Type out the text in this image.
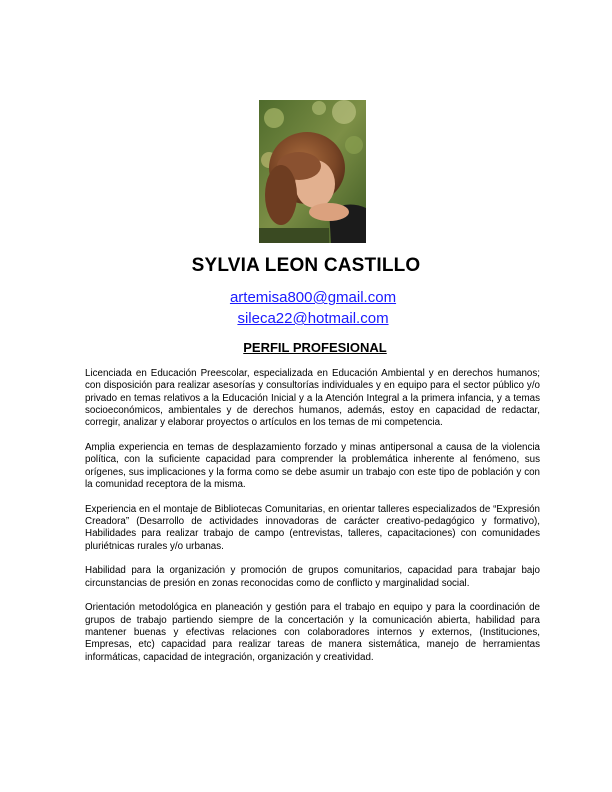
SYLVIA LEON CASTILLO
artemisa800@gmail.com
sileca22@hotmail.com
PERFIL PROFESIONAL

Licenciada en Educación Preescolar, especializada en Educación Ambiental y en derechos humanos; con disposición para realizar asesorías y consultorías individuales y en equipo para el sector público y/o privado en temas relativos a la Educación Inicial y a la Atención Integral a la primera infancia, y a temas socioeconómicos, ambientales y de derechos humanos, además, estoy en capacidad de redactar, corregir, analizar y elaborar proyectos o artículos en los temas de mi competencia.

Amplia experiencia en temas de desplazamiento forzado y minas antipersonal a causa de la violencia política, con la suficiente capacidad para comprender la problemática inherente al fenómeno, sus orígenes, sus implicaciones y la forma como se debe asumir un trabajo con este tipo de población y con la comunidad receptora de la misma.

Experiencia en el montaje de Bibliotecas Comunitarias, en orientar talleres especializados de “Expresión Creadora” (Desarrollo de actividades innovadoras de carácter creativo-pedagógico y formativo), Habilidades para realizar trabajo de campo (entrevistas, talleres, capacitaciones) con comunidades pluriétnicas rurales y/o urbanas.

Habilidad para la organización y promoción de grupos comunitarios, capacidad para trabajar bajo circunstancias de presión en zonas reconocidas como de conflicto y marginalidad social.

Orientación metodológica en planeación y gestión para el trabajo en equipo y para la coordinación de grupos de trabajo partiendo siempre de la concertación y la comunicación abierta, habilidad para mantener buenas y efectivas relaciones con colaboradores internos y externos, (Instituciones, Empresas, etc) capacidad para realizar tareas de manera sistemática, manejo de herramientas informáticas, capacidad de integración, organización y creatividad.
